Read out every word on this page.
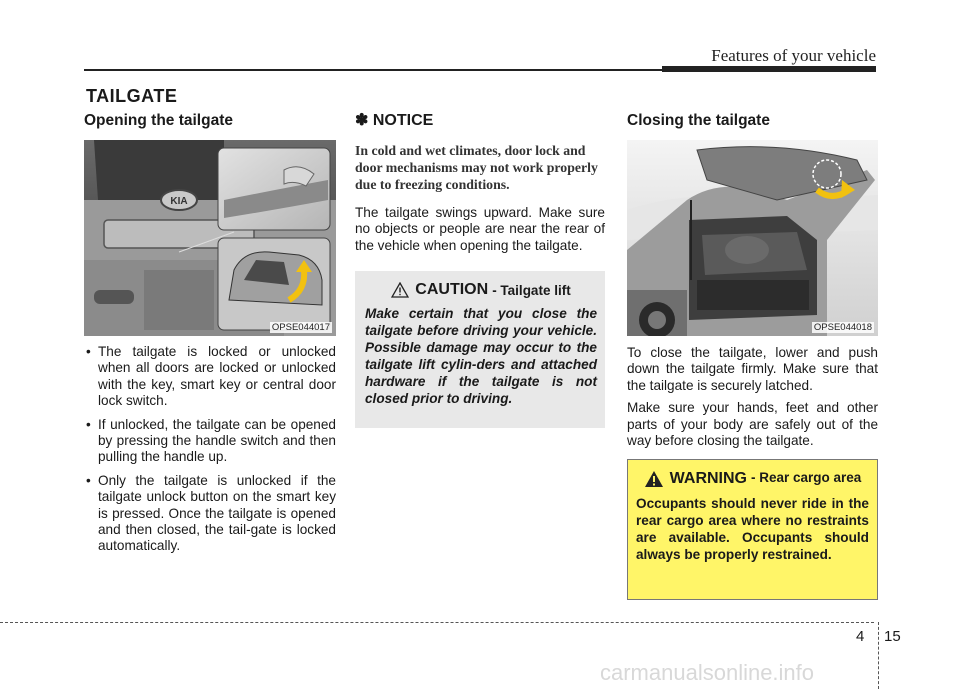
Features of your vehicle
TAILGATE
Opening the tailgate
KIA
OPSE044017
• The tailgate is locked or unlocked when all doors are locked or unlocked with the key, smart key or central door lock switch.
• If unlocked, the tailgate can be opened by pressing the handle switch and then pulling the handle up.
• Only the tailgate is unlocked if the tailgate unlock button on the smart key is pressed. Once the tailgate is opened and then closed, the tail-gate is locked automatically.
✽ NOTICE
In cold and wet climates, door lock and door mechanisms may not work properly due to freezing conditions.
The tailgate swings upward. Make sure no objects or people are near the rear of the vehicle when opening the tailgate.
CAUTION - Tailgate lift
Make certain that you close the tailgate before driving your vehicle. Possible damage may occur to the tailgate lift cylin-ders and attached hardware if the tailgate is not closed prior to driving.
Closing the tailgate
OPSE044018
To close the tailgate, lower and push down the tailgate firmly. Make sure that the tailgate is securely latched.
Make sure your hands, feet and other parts of your body are safely out of the way before closing the tailgate.
WARNING - Rear cargo area
Occupants should never ride in the rear cargo area where no restraints are available. Occupants should always be properly restrained.
4 15
carmanualsonline.info
